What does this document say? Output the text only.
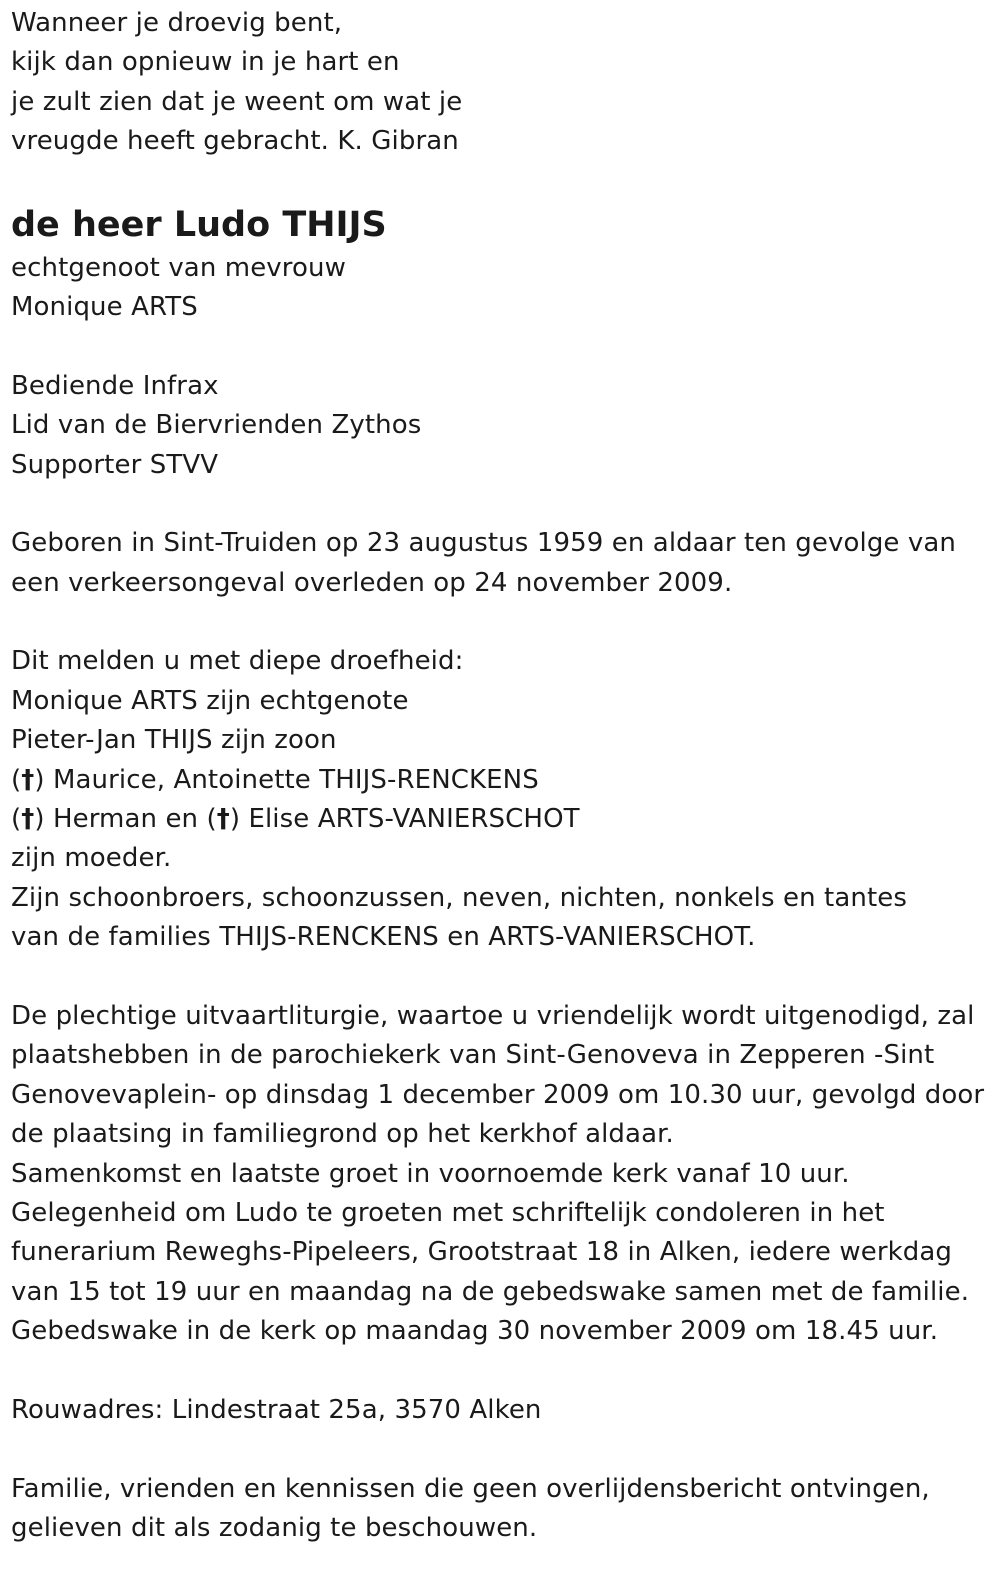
Wanneer je droevig bent,
kijk dan opnieuw in je hart en
je zult zien dat je weent om wat je
vreugde heeft gebracht. K. Gibran
de heer Ludo THIJS
echtgenoot van mevrouw
Monique ARTS
Bediende Infrax
Lid van de Biervrienden Zythos
Supporter STVV
Geboren in Sint-Truiden op 23 augustus 1959 en aldaar ten gevolge van
een verkeersongeval overleden op 24 november 2009.
Dit melden u met diepe droefheid:
Monique ARTS zijn echtgenote
Pieter-Jan THIJS zijn zoon
(†) Maurice, Antoinette THIJS-RENCKENS
(†) Herman en (†) Elise ARTS-VANIERSCHOT
zijn moeder.
Zijn schoonbroers, schoonzussen, neven, nichten, nonkels en tantes
van de families THIJS-RENCKENS en ARTS-VANIERSCHOT.
De plechtige uitvaartliturgie, waartoe u vriendelijk wordt uitgenodigd, zal
plaatshebben in de parochiekerk van Sint-Genoveva in Zepperen -Sint
Genovevaplein- op dinsdag 1 december 2009 om 10.30 uur, gevolgd door
de plaatsing in familiegrond op het kerkhof aldaar.
Samenkomst en laatste groet in voornoemde kerk vanaf 10 uur.
Gelegenheid om Ludo te groeten met schriftelijk condoleren in het
funerarium Reweghs-Pipeleers, Grootstraat 18 in Alken, iedere werkdag
van 15 tot 19 uur en maandag na de gebedswake samen met de familie.
Gebedswake in de kerk op maandag 30 november 2009 om 18.45 uur.
Rouwadres: Lindestraat 25a, 3570 Alken
Familie, vrienden en kennissen die geen overlijdensbericht ontvingen,
gelieven dit als zodanig te beschouwen.
